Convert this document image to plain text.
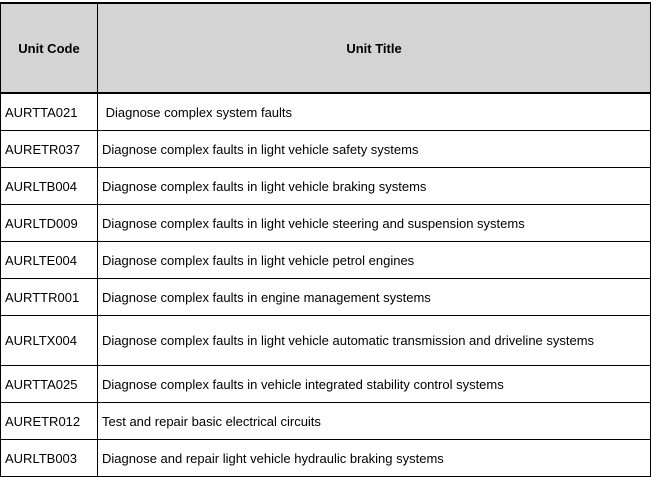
Unit Code	Unit Title
AURTTA021	Diagnose complex system faults
AURETR037	Diagnose complex faults in light vehicle safety systems
AURLTB004	Diagnose complex faults in light vehicle braking systems
AURLTD009	Diagnose complex faults in light vehicle steering and suspension systems
AURLTE004	Diagnose complex faults in light vehicle petrol engines
AURTTR001	Diagnose complex faults in engine management systems
AURLTX004	Diagnose complex faults in light vehicle automatic transmission and driveline systems
AURTTA025	Diagnose complex faults in vehicle integrated stability control systems
AURETR012	Test and repair basic electrical circuits
AURLTB003	Diagnose and repair light vehicle hydraulic braking systems
